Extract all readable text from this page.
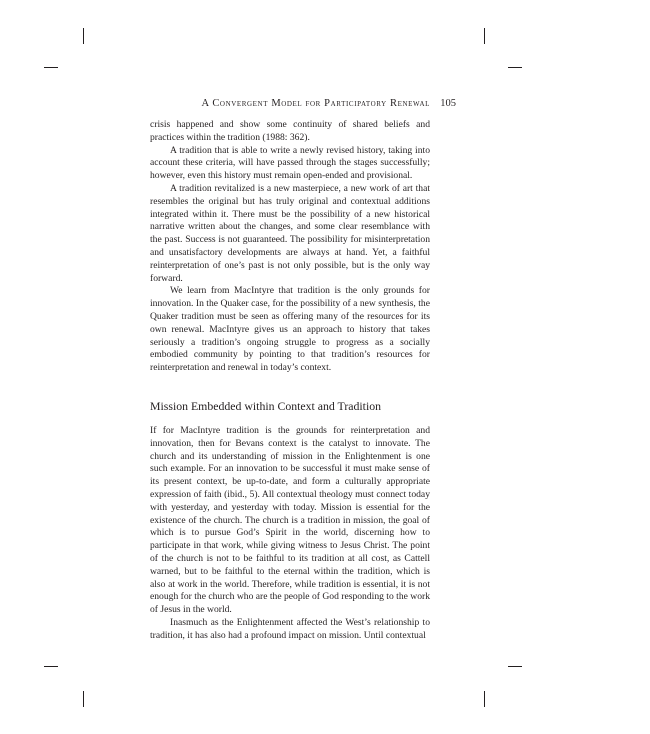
A Convergent Model for Participatory Renewal 105

crisis happened and show some continuity of shared beliefs and practices within the tradition (1988: 362).

A tradition that is able to write a newly revised history, taking into account these criteria, will have passed through the stages successfully; however, even this history must remain open-ended and provisional.

A tradition revitalized is a new masterpiece, a new work of art that resembles the original but has truly original and contextual additions integrated within it. There must be the possibility of a new historical narrative written about the changes, and some clear resemblance with the past. Success is not guaranteed. The possibility for misinterpretation and unsatisfactory developments are always at hand. Yet, a faithful reinterpretation of one’s past is not only possible, but is the only way forward.

We learn from MacIntyre that tradition is the only grounds for innovation. In the Quaker case, for the possibility of a new synthesis, the Quaker tradition must be seen as offering many of the resources for its own renewal. MacIntyre gives us an approach to history that takes seriously a tradition’s ongoing struggle to progress as a socially embodied community by pointing to that tradition’s resources for reinterpretation and renewal in today’s context.

Mission Embedded within Context and Tradition

If for MacIntyre tradition is the grounds for reinterpretation and innovation, then for Bevans context is the catalyst to innovate. The church and its understanding of mission in the Enlightenment is one such example. For an innovation to be successful it must make sense of its present context, be up-to-date, and form a culturally appropriate expression of faith (ibid., 5). All contextual theology must connect today with yesterday, and yesterday with today. Mission is essential for the existence of the church. The church is a tradition in mission, the goal of which is to pursue God’s Spirit in the world, discerning how to participate in that work, while giving witness to Jesus Christ. The point of the church is not to be faithful to its tradition at all cost, as Cattell warned, but to be faithful to the eternal within the tradition, which is also at work in the world. Therefore, while tradition is essential, it is not enough for the church who are the people of God responding to the work of Jesus in the world.

Inasmuch as the Enlightenment affected the West’s relationship to tradition, it has also had a profound impact on mission. Until contextual
